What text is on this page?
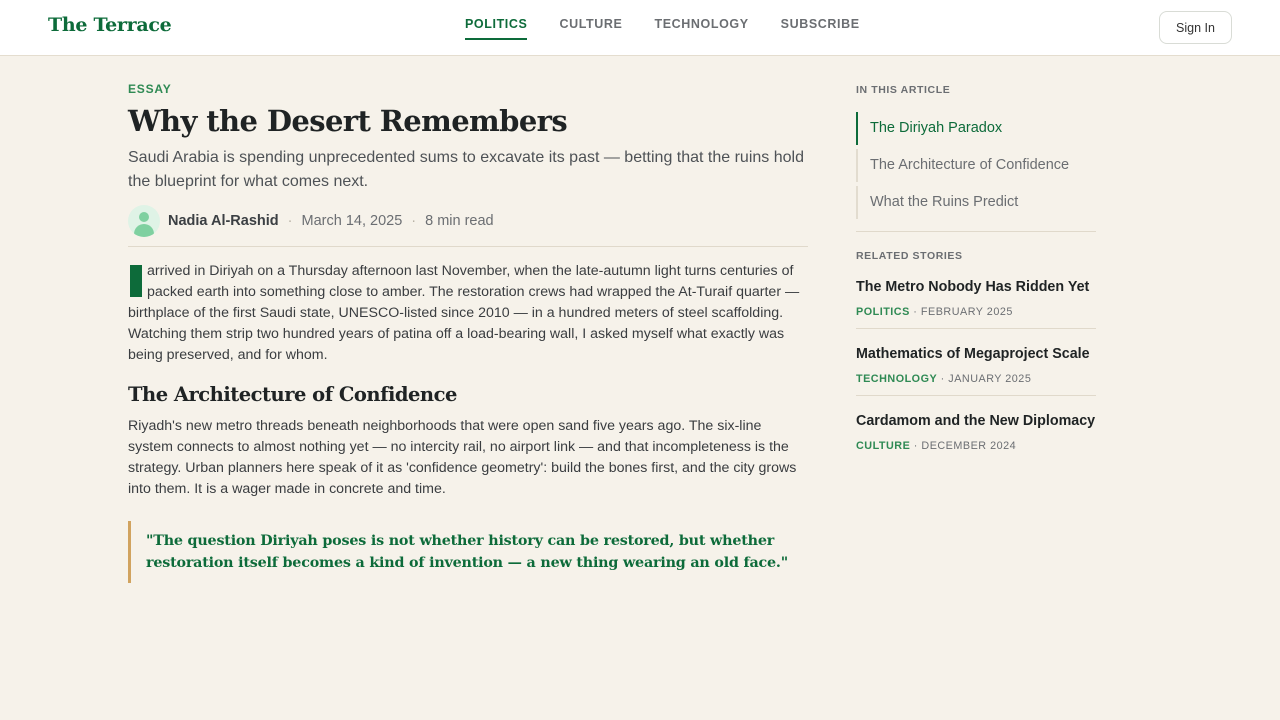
The Terrace	POLITICS	CULTURE	TECHNOLOGY	SUBSCRIBE	Sign In
ESSAY
Why the Desert Remembers

Saudi Arabia is spending unprecedented sums to excavate its past — betting that the ruins hold the blueprint for what comes next.

Nadia Al-Rashid · March 14, 2025 · 8 min read

arrived in Diriyah on a Thursday afternoon last November, when the late-autumn light turns centuries of packed earth into something close to amber. The restoration crews had wrapped the At-Turaif quarter — birthplace of the first Saudi state, UNESCO-listed since 2010 — in a hundred meters of steel scaffolding. Watching them strip two hundred years of patina off a load-bearing wall, I asked myself what exactly was being preserved, and for whom.

The Architecture of Confidence

Riyadh's new metro threads beneath neighborhoods that were open sand five years ago. The six-line system connects to almost nothing yet — no intercity rail, no airport link — and that incompleteness is the strategy. Urban planners here speak of it as 'confidence geometry': build the bones first, and the city grows into them. It is a wager made in concrete and time.

"The question Diriyah poses is not whether history can be restored, but whether restoration itself becomes a kind of invention — a new thing wearing an old face."
IN THIS ARTICLE
The Diriyah Paradox
The Architecture of Confidence
What the Ruins Predict
RELATED STORIES
The Metro Nobody Has Ridden Yet
POLITICS · FEBRUARY 2025
Mathematics of Megaproject Scale
TECHNOLOGY · JANUARY 2025
Cardamom and the New Diplomacy
CULTURE · DECEMBER 2024
